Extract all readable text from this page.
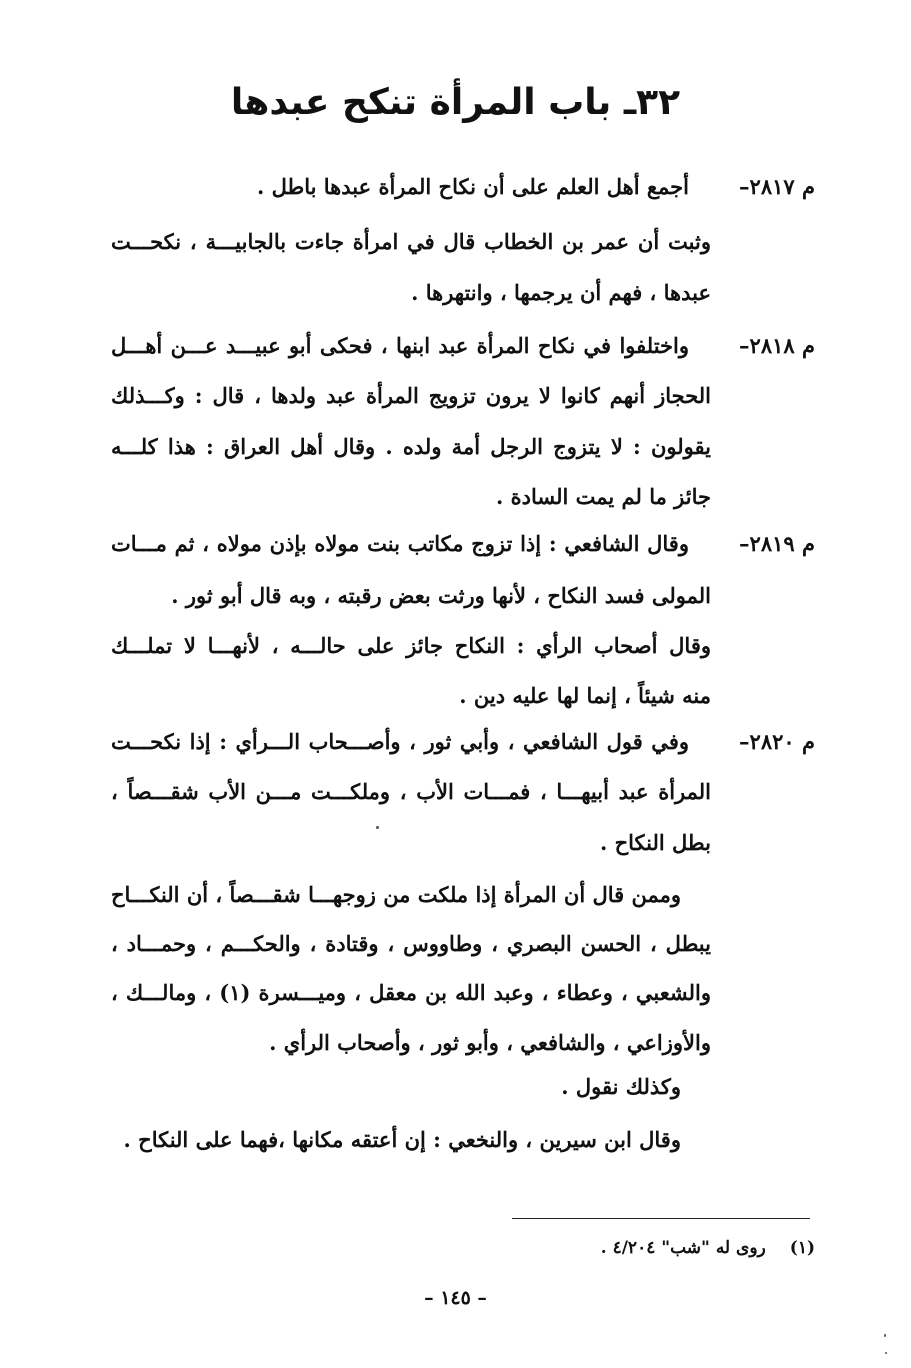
٣٢ـ باب المرأة تنكح عبدها
م ٢٨١٧–
أجمع أهل العلم على أن نكاح المرأة عبدها باطل .
وثبت أن عمر بن الخطاب قال في امرأة جاءت بالجابيـــة ، نكحـــت
عبدها ، فهم أن يرجمها ، وانتهرها .
م ٢٨١٨–
واختلفوا في نكاح المرأة عبد ابنها ، فحكى أبو عبيـــد عـــن أهـــل
الحجاز أنهم كانوا لا يرون تزويج المرأة عبد ولدها ، قال : وكـــذلك
يقولون : لا يتزوج الرجل أمة ولده . وقال أهل العراق : هذا كلـــه
جائز ما لم يمت السادة .
م ٢٨١٩–
وقال الشافعي : إذا تزوج مكاتب بنت مولاه بإذن مولاه ، ثم مـــات
المولى فسد النكاح ، لأنها ورثت بعض رقبته ، وبه قال أبو ثور .
وقال أصحاب الرأي : النكاح جائز على حالـــه ، لأنهـــا لا تملـــك
منه شيئاً ، إنما لها عليه دين .
م ٢٨٢٠–
وفي قول الشافعي ، وأبي ثور ، وأصـــحاب الـــرأي : إذا نكحـــت
المرأة عبد أبيهـــا ، فمـــات الأب ، وملكـــت مـــن الأب شقـــصاً ،
بطل النكاح .
وممن قال أن المرأة إذا ملكت من زوجهـــا شقـــصاً ، أن النكـــاح
يبطل ، الحسن البصري ، وطاووس ، وقتادة ، والحكـــم ، وحمـــاد ،
والشعبي ، وعطاء ، وعبد الله بن معقل ، وميـــسرة (١) ، ومالـــك ،
والأوزاعي ، والشافعي ، وأبو ثور ، وأصحاب الرأي .
وكذلك نقول .
وقال ابن سيرين ، والنخعي : إن أعتقه مكانها ،فهما على النكاح .
(١)روى له "شب" ٤/٢٠٤ .
– ١٤٥ –
